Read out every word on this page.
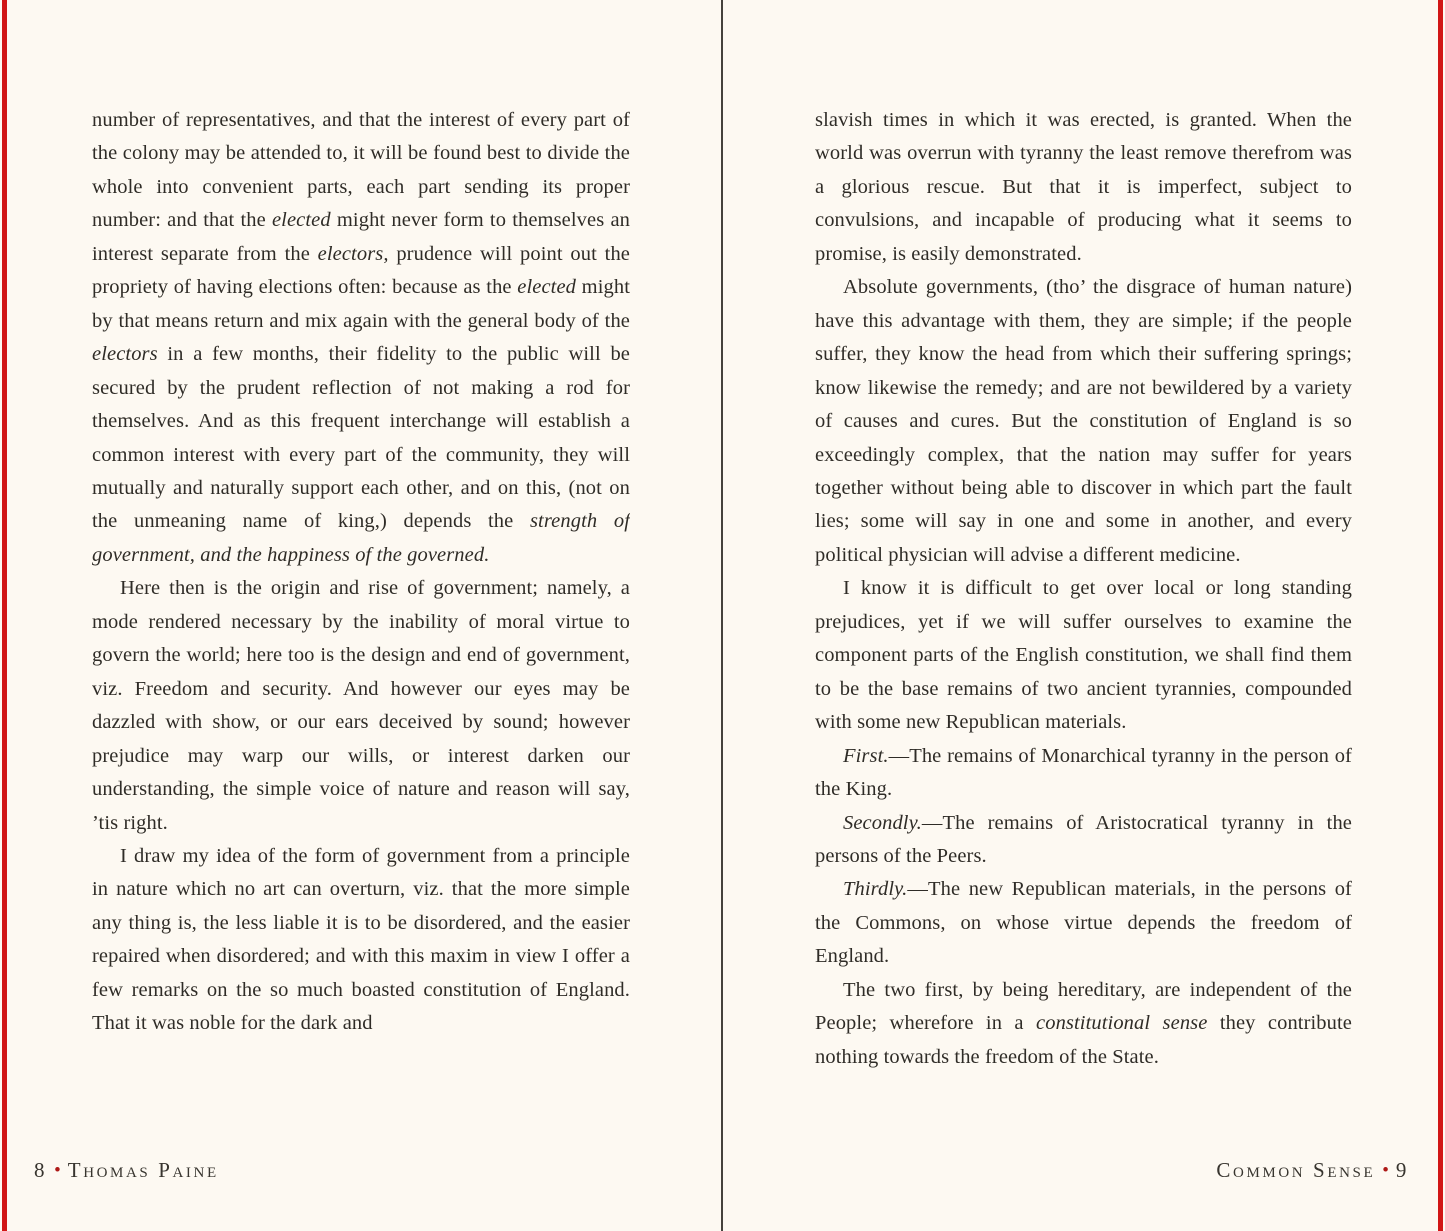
number of representatives, and that the interest of every part of the colony may be attended to, it will be found best to divide the whole into convenient parts, each part sending its proper number: and that the elected might never form to themselves an interest separate from the electors, prudence will point out the propriety of having elections often: because as the elected might by that means return and mix again with the general body of the electors in a few months, their fidelity to the public will be secured by the prudent reflection of not making a rod for themselves. And as this frequent interchange will establish a common interest with every part of the community, they will mutually and naturally support each other, and on this, (not on the unmeaning name of king,) depends the strength of government, and the happiness of the governed.

Here then is the origin and rise of government; namely, a mode rendered necessary by the inability of moral virtue to govern the world; here too is the design and end of government, viz. Freedom and security. And however our eyes may be dazzled with show, or our ears deceived by sound; however prejudice may warp our wills, or interest darken our understanding, the simple voice of nature and reason will say, ’tis right.

I draw my idea of the form of government from a principle in nature which no art can overturn, viz. that the more simple any thing is, the less liable it is to be disordered, and the easier repaired when disordered; and with this maxim in view I offer a few remarks on the so much boasted constitution of England. That it was noble for the dark and

slavish times in which it was erected, is granted. When the world was overrun with tyranny the least remove therefrom was a glorious rescue. But that it is imperfect, subject to convulsions, and incapable of producing what it seems to promise, is easily demonstrated.

Absolute governments, (tho’ the disgrace of human nature) have this advantage with them, they are simple; if the people suffer, they know the head from which their suffering springs; know likewise the remedy; and are not bewildered by a variety of causes and cures. But the constitution of England is so exceedingly complex, that the nation may suffer for years together without being able to discover in which part the fault lies; some will say in one and some in another, and every political physician will advise a different medicine.

I know it is difficult to get over local or long standing prejudices, yet if we will suffer ourselves to examine the component parts of the English constitution, we shall find them to be the base remains of two ancient tyrannies, compounded with some new Republican materials.

First.—The remains of Monarchical tyranny in the person of the King.

Secondly.—The remains of Aristocratical tyranny in the persons of the Peers.

Thirdly.—The new Republican materials, in the persons of the Commons, on whose virtue depends the freedom of England.

The two first, by being hereditary, are independent of the People; wherefore in a constitutional sense they contribute nothing towards the freedom of the State.

8 • Thomas Paine	Common Sense • 9
